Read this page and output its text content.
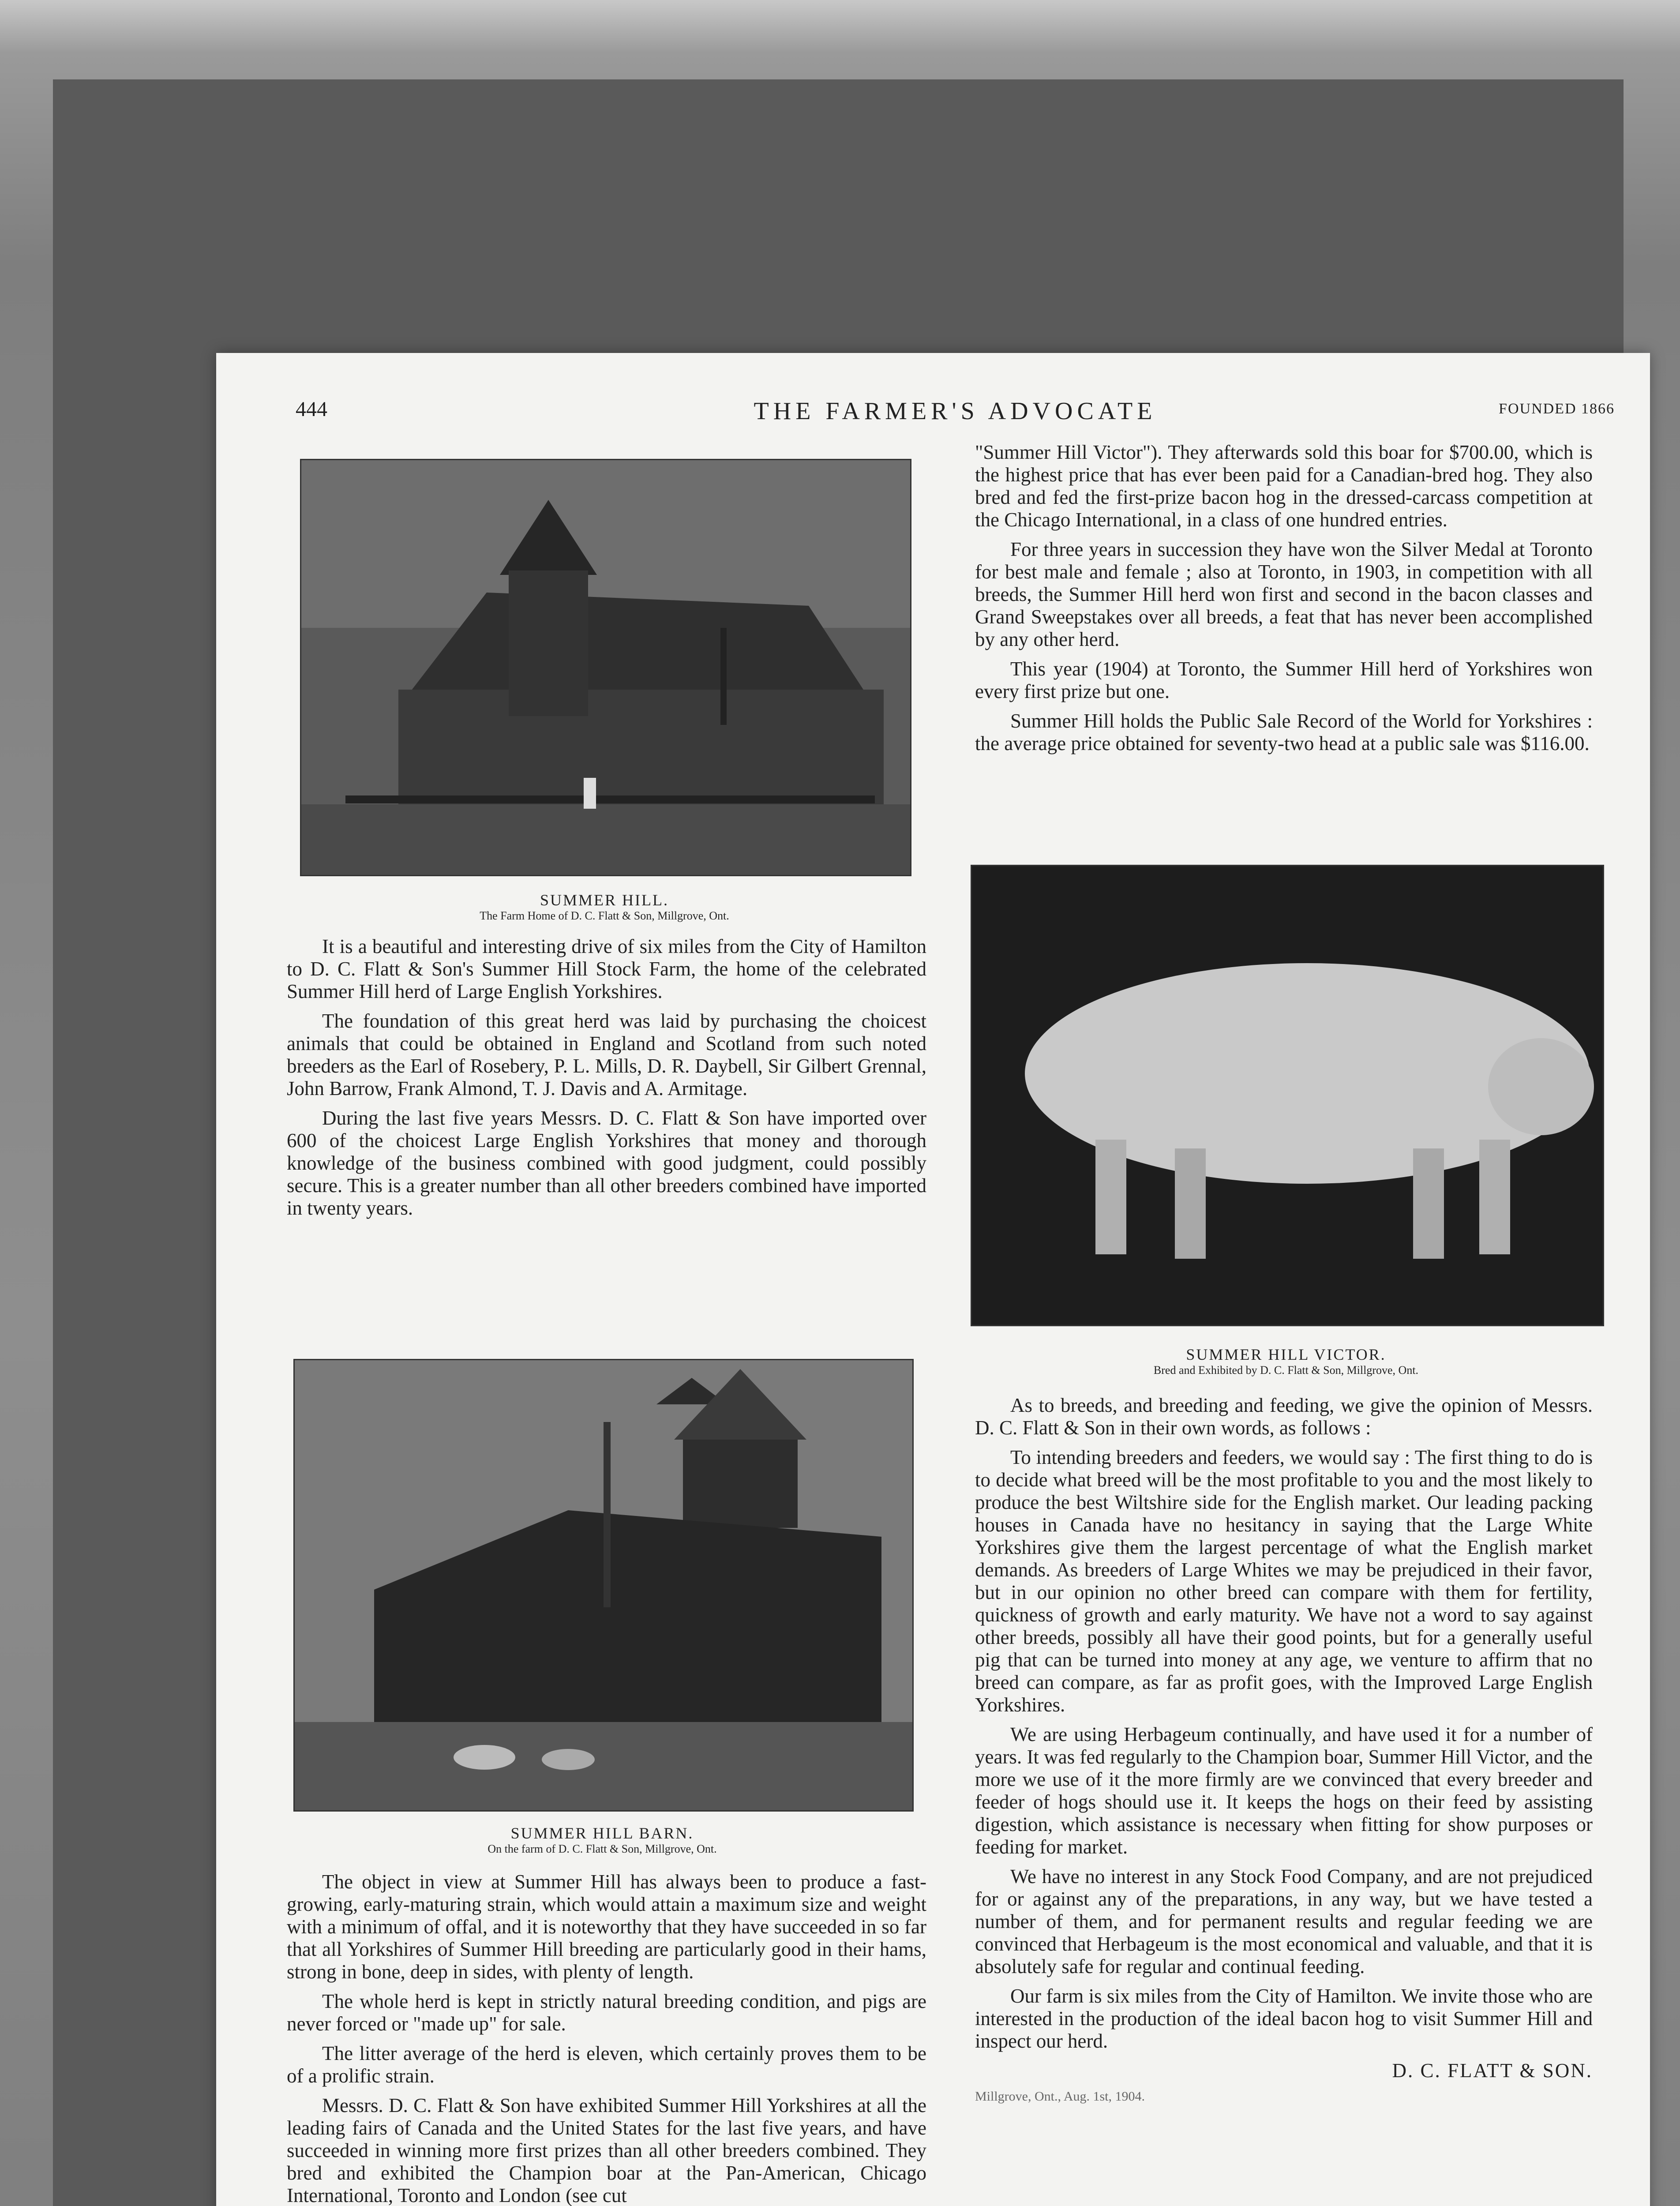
444	THE FARMER'S ADVOCATE	FOUNDED 1866
SUMMER HILL.
The Farm Home of D. C. Flatt & Son, Millgrove, Ont.

It is a beautiful and interesting drive of six miles from the City of Hamilton to D. C. Flatt & Son's Summer Hill Stock Farm, the home of the celebrated Summer Hill herd of Large English Yorkshires.

The foundation of this great herd was laid by purchasing the choicest animals that could be obtained in England and Scotland from such noted breeders as the Earl of Rosebery, P. L. Mills, D. R. Daybell, Sir Gilbert Grennal, John Barrow, Frank Almond, T. J. Davis and A. Armitage.

During the last five years Messrs. D. C. Flatt & Son have imported over 600 of the choicest Large English Yorkshires that money and thorough knowledge of the business combined with good judgment, could possibly secure. This is a greater number than all other breeders combined have imported in twenty years.

SUMMER HILL BARN.
On the farm of D. C. Flatt & Son, Millgrove, Ont.

The object in view at Summer Hill has always been to produce a fast-growing, early-maturing strain, which would attain a maximum size and weight with a minimum of offal, and it is noteworthy that they have succeeded in so far that all Yorkshires of Summer Hill breeding are particularly good in their hams, strong in bone, deep in sides, with plenty of length.

The whole herd is kept in strictly natural breeding condition, and pigs are never forced or "made up" for sale.

The litter average of the herd is eleven, which certainly proves them to be of a prolific strain.

Messrs. D. C. Flatt & Son have exhibited Summer Hill Yorkshires at all the leading fairs of Canada and the United States for the last five years, and have succeeded in winning more first prizes than all other breeders combined. They bred and exhibited the Champion boar at the Pan-American, Chicago International, Toronto and London (see cut

"Summer Hill Victor"). They afterwards sold this boar for $700.00, which is the highest price that has ever been paid for a Canadian-bred hog. They also bred and fed the first-prize bacon hog in the dressed-carcass competition at the Chicago International, in a class of one hundred entries.

For three years in succession they have won the Silver Medal at Toronto for best male and female ; also at Toronto, in 1903, in competition with all breeds, the Summer Hill herd won first and second in the bacon classes and Grand Sweepstakes over all breeds, a feat that has never been accomplished by any other herd.

This year (1904) at Toronto, the Summer Hill herd of Yorkshires won every first prize but one.

Summer Hill holds the Public Sale Record of the World for Yorkshires : the average price obtained for seventy-two head at a public sale was $116.00.

SUMMER HILL VICTOR.
Bred and Exhibited by D. C. Flatt & Son, Millgrove, Ont.

As to breeds, and breeding and feeding, we give the opinion of Messrs. D. C. Flatt & Son in their own words, as follows :

To intending breeders and feeders, we would say : The first thing to do is to decide what breed will be the most profitable to you and the most likely to produce the best Wiltshire side for the English market. Our leading packing houses in Canada have no hesitancy in saying that the Large White Yorkshires give them the largest percentage of what the English market demands. As breeders of Large Whites we may be prejudiced in their favor, but in our opinion no other breed can compare with them for fertility, quickness of growth and early maturity. We have not a word to say against other breeds, possibly all have their good points, but for a generally useful pig that can be turned into money at any age, we venture to affirm that no breed can compare, as far as profit goes, with the Improved Large English Yorkshires.

We are using Herbageum continually, and have used it for a number of years. It was fed regularly to the Champion boar, Summer Hill Victor, and the more we use of it the more firmly are we convinced that every breeder and feeder of hogs should use it. It keeps the hogs on their feed by assisting digestion, which assistance is necessary when fitting for show purposes or feeding for market.

We have no interest in any Stock Food Company, and are not prejudiced for or against any of the preparations, in any way, but we have tested a number of them, and for permanent results and regular feeding we are convinced that Herbageum is the most economical and valuable, and that it is absolutely safe for regular and continual feeding.

Our farm is six miles from the City of Hamilton. We invite those who are interested in the production of the ideal bacon hog to visit Summer Hill and inspect our herd.

D. C. FLATT & SON.

Millgrove, Ont., Aug. 1st, 1904.
